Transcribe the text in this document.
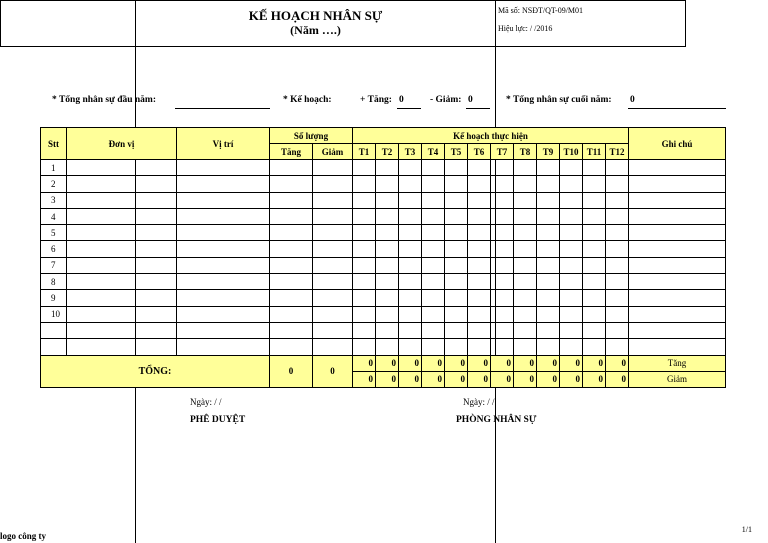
logo công ty
KẾ HOẠCH NHÂN SỰ
(Năm ….)
Mã số: NSĐT/QT-09/M01
Hiệu lực: / /2016
* Tổng nhân sự đầu năm:	* Kế hoạch:	+ Tăng: 0	- Giảm: 0	* Tổng nhân sự cuối năm: 0
Stt	Đơn vị	Vị trí	Số lượng		Kế hoạch thực hiện												Ghi chú
			Tăng	Giảm	T1	T2	T3	T4	T5	T6	T7	T8	T9	T10	T11	T12	
1																	
2																	
3																	
4																	
5																	
6																	
7																	
8																	
9																	
10																	

TỔNG:			0	0	0	0	0	0	0	0	0	0	0	0	0	0	Tăng
					0	0	0	0	0	0	0	0	0	0	0	0	Giảm
Ngày: / /	Ngày: / /
PHÊ DUYỆT	PHÒNG NHÂN SỰ
1/1
